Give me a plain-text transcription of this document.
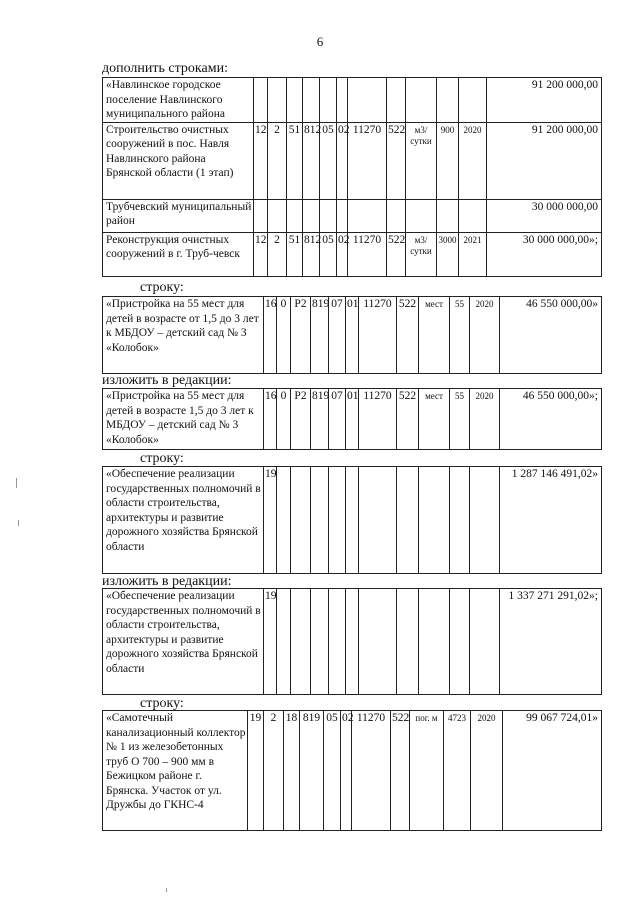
6
дополнить строками:
«Навлинское городское поселение Навлинского муниципального района												91 200 000,00
Строительство очистных сооружений в пос. Навля Навлинского района Брянской области (1 этап)	12	2	51	812	05	02	11270	522	м3/ сутки	900	2020	91 200 000,00
Трубчевский муниципальный район												30 000 000,00
Реконструкция очистных сооружений в г. Труб-чевск	12	2	51	812	05	02	11270	522	м3/ сутки	3000	2021	30 000 000,00»;
строку:
«Пристройка на 55 мест для детей в возрасте от 1,5 до 3 лет к МБДОУ – детский сад № 3 «Колобок»	16	0	Р2	819	07	01	11270	522	мест	55	2020	46 550 000,00»
изложить в редакции:
«Пристройка на 55 мест для детей в возрасте 1,5 до 3 лет к МБДОУ – детский сад № 3 «Колобок»	16	0	Р2	819	07	01	11270	522	мест	55	2020	46 550 000,00»;
строку:
«Обеспечение реализации государственных полномочий в области строительства, архитектуры и развитие дорожного хозяйства Брянской области	19											1 287 146 491,02»
изложить в редакции:
«Обеспечение реализации государственных полномочий в области строительства, архитектуры и развитие дорожного хозяйства Брянской области	19											1 337 271 291,02»;
строку:
«Самотечный канализационный коллектор № 1 из железобетонных труб О 700 – 900 мм в Бежицком районе г. Брянска. Участок от ул. Дружбы до ГКНС-4	19	2	18	819	05	02	11270	522	пог. м	4723	2020	99 067 724,01»
